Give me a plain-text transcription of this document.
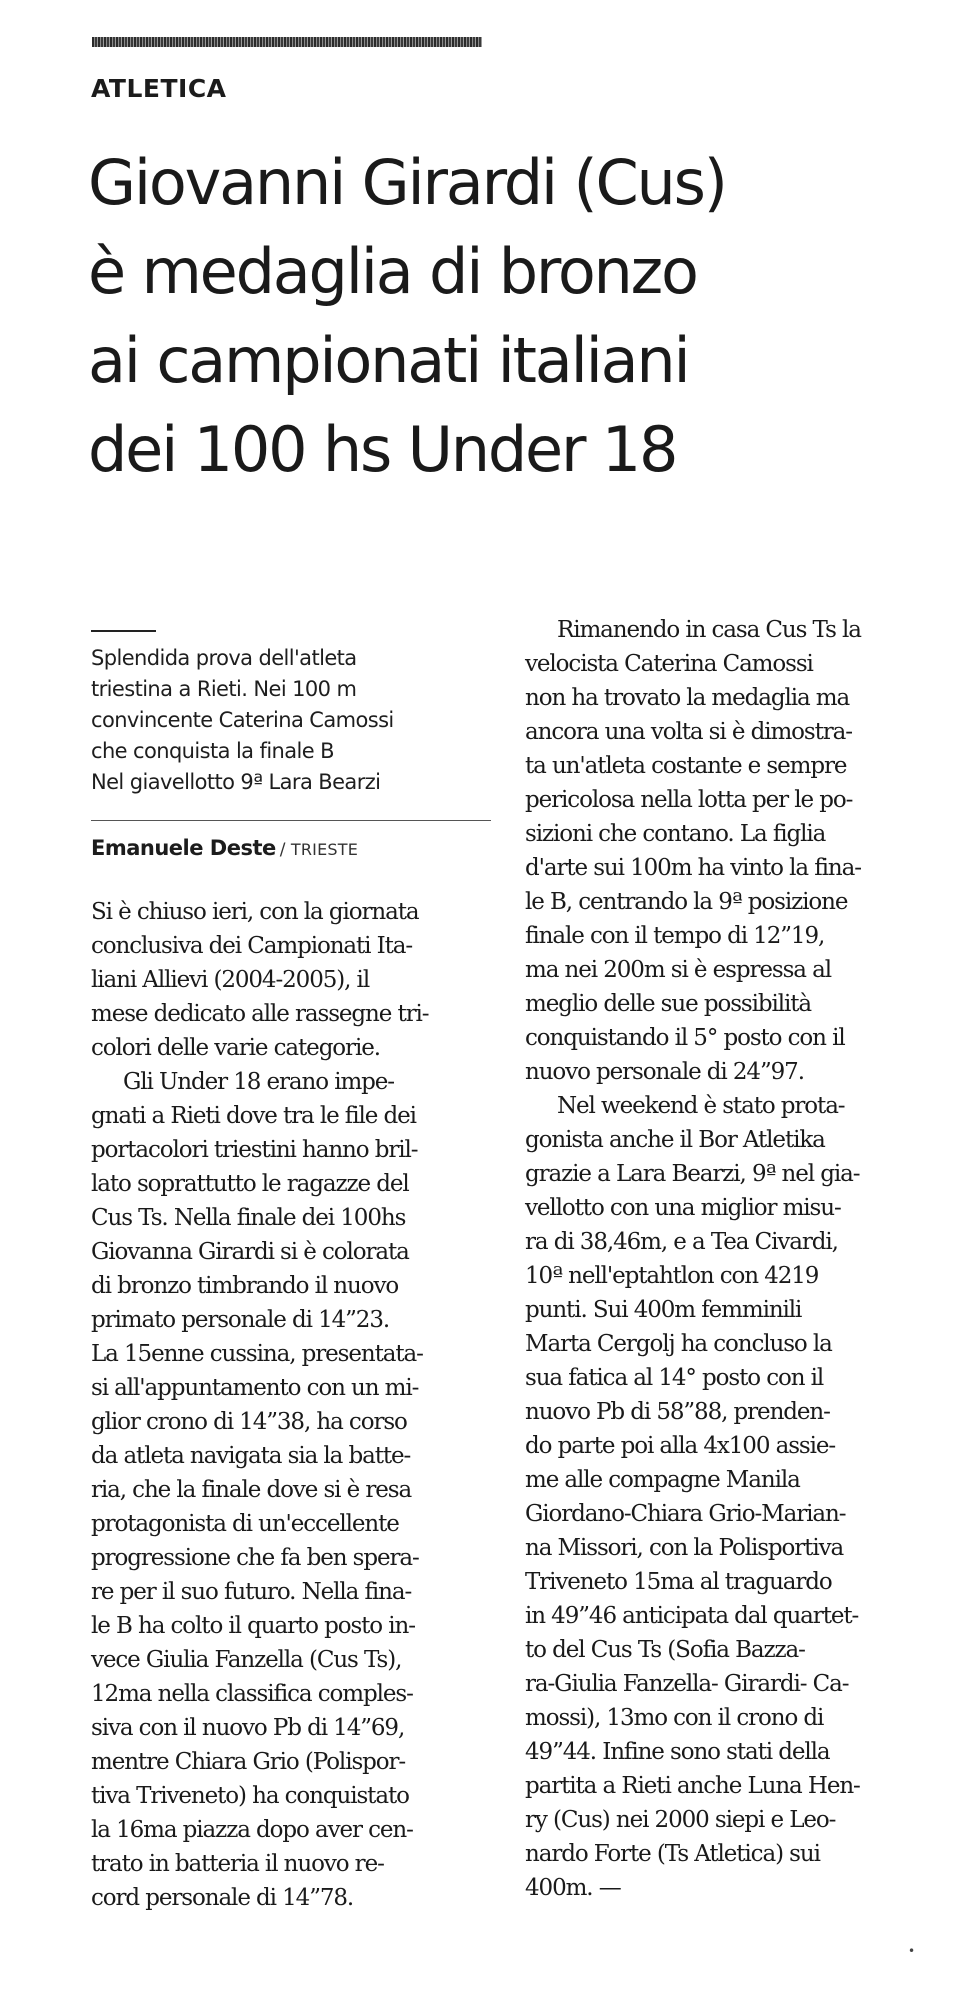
ATLETICA
Giovanni Girardi (Cus)
è medaglia di bronzo
ai campionati italiani
dei 100 hs Under 18
Splendida prova dell'atleta
triestina a Rieti. Nei 100 m
convincente Caterina Camossi
che conquista la finale B
Nel giavellotto 9ª Lara Bearzi
Emanuele Deste / TRIESTE
Si è chiuso ieri, con la giornata
conclusiva dei Campionati Ita-
liani Allievi (2004-2005), il
mese dedicato alle rassegne tri-
colori delle varie categorie.
Gli Under 18 erano impe-
gnati a Rieti dove tra le file dei
portacolori triestini hanno bril-
lato soprattutto le ragazze del
Cus Ts. Nella finale dei 100hs
Giovanna Girardi si è colorata
di bronzo timbrando il nuovo
primato personale di 14”23.
La 15enne cussina, presentata-
si all'appuntamento con un mi-
glior crono di 14”38, ha corso
da atleta navigata sia la batte-
ria, che la finale dove si è resa
protagonista di un'eccellente
progressione che fa ben spera-
re per il suo futuro. Nella fina-
le B ha colto il quarto posto in-
vece Giulia Fanzella (Cus Ts),
12ma nella classifica comples-
siva con il nuovo Pb di 14”69,
mentre Chiara Grio (Polispor-
tiva Triveneto) ha conquistato
la 16ma piazza dopo aver cen-
trato in batteria il nuovo re-
cord personale di 14”78.
Rimanendo in casa Cus Ts la
velocista Caterina Camossi
non ha trovato la medaglia ma
ancora una volta si è dimostra-
ta un'atleta costante e sempre
pericolosa nella lotta per le po-
sizioni che contano. La figlia
d'arte sui 100m ha vinto la fina-
le B, centrando la 9ª posizione
finale con il tempo di 12”19,
ma nei 200m si è espressa al
meglio delle sue possibilità
conquistando il 5° posto con il
nuovo personale di 24”97.
Nel weekend è stato prota-
gonista anche il Bor Atletika
grazie a Lara Bearzi, 9ª nel gia-
vellotto con una miglior misu-
ra di 38,46m, e a Tea Civardi,
10ª nell'eptahtlon con 4219
punti. Sui 400m femminili
Marta Cergolj ha concluso la
sua fatica al 14° posto con il
nuovo Pb di 58”88, prenden-
do parte poi alla 4x100 assie-
me alle compagne Manila
Giordano-Chiara Grio-Marian-
na Missori, con la Polisportiva
Triveneto 15ma al traguardo
in 49”46 anticipata dal quartet-
to del Cus Ts (Sofia Bazza-
ra-Giulia Fanzella- Girardi- Ca-
mossi), 13mo con il crono di
49”44. Infine sono stati della
partita a Rieti anche Luna Hen-
ry (Cus) nei 2000 siepi e Leo-
nardo Forte (Ts Atletica) sui
400m. —
•
